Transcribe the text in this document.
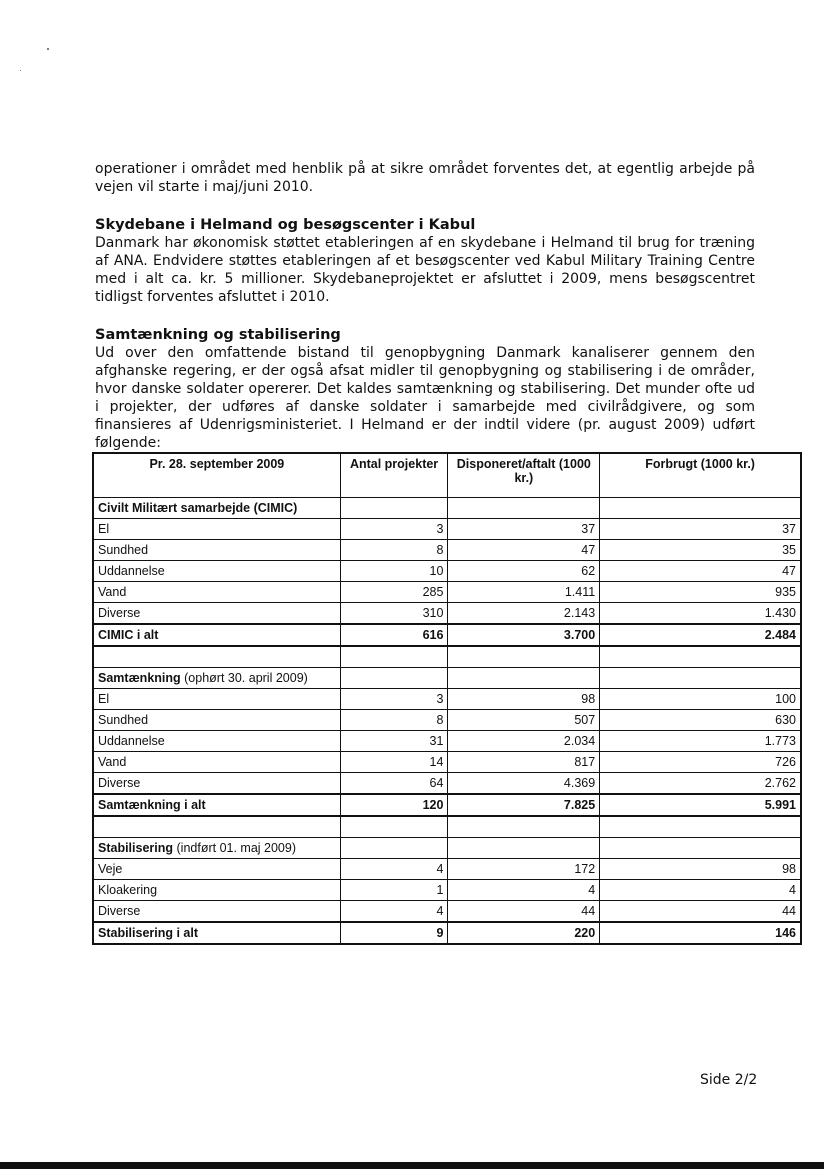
operationer i området med henblik på at sikre området forventes det, at egentlig arbejde på vejen vil starte i maj/juni 2010.

Skydebane i Helmand og besøgscenter i Kabul

Danmark har økonomisk støttet etableringen af en skydebane i Helmand til brug for træning af ANA. Endvidere støttes etableringen af et besøgscenter ved Kabul Military Training Centre med i alt ca. kr. 5 millioner. Skydebaneprojektet er afsluttet i 2009, mens besøgscentret tidligst forventes afsluttet i 2010.

Samtænkning og stabilisering

Ud over den omfattende bistand til genopbygning Danmark kanaliserer gennem den afghanske regering, er der også afsat midler til genopbygning og stabilisering i de områder, hvor danske soldater opererer. Det kaldes samtænkning og stabilisering. Det munder ofte ud i projekter, der udføres af danske soldater i samarbejde med civilrådgivere, og som finansieres af Udenrigsministeriet. I Helmand er der indtil videre (pr. august 2009) udført følgende:

Pr. 28. september 2009	Antal projekter	Disponeret/aftalt (1000 kr.)	Forbrugt (1000 kr.)
Civilt Militært samarbejde (CIMIC)			
El	3	37	37
Sundhed	8	47	35
Uddannelse	10	62	47
Vand	285	1.411	935
Diverse	310	2.143	1.430
CIMIC i alt	616	3.700	2.484

Samtænkning (ophørt 30. april 2009)			
El	3	98	100
Sundhed	8	507	630
Uddannelse	31	2.034	1.773
Vand	14	817	726
Diverse	64	4.369	2.762
Samtænkning i alt	120	7.825	5.991

Stabilisering (indført 01. maj 2009)			
Veje	4	172	98
Kloakering	1	4	4
Diverse	4	44	44
Stabilisering i alt	9	220	146
Side 2/2
